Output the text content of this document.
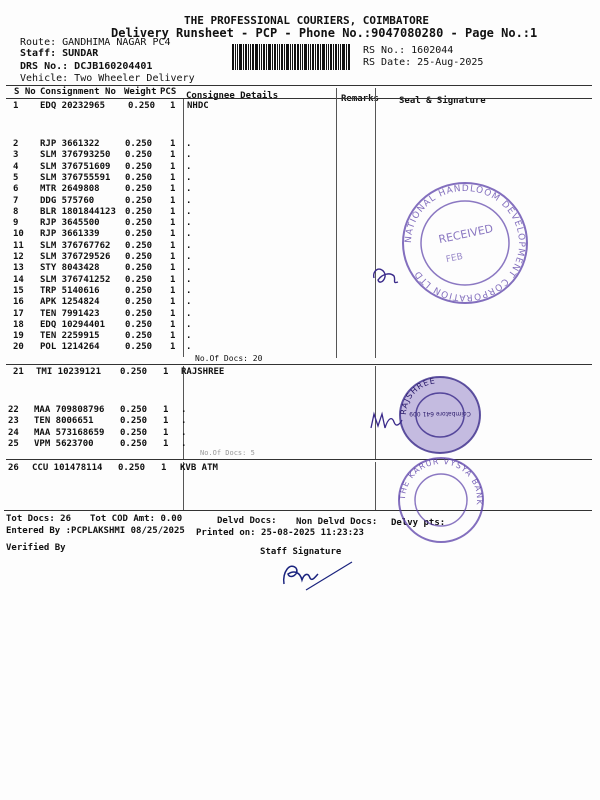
THE PROFESSIONAL COURIERS, COIMBATORE
Delivery Runsheet - PCP - Phone No.:9047080280 - Page No.:1
Route: GANDHIMA NAGAR PC4
Staff: SUNDAR
DRS No.: DCJB160204401
Vehicle: Two Wheeler Delivery
RS No.: 1602044
RS Date: 25-Aug-2025
S No Consignment No Weight PCS Consignee Details	Remarks Seal & Signature
1 EDQ 20232965	0.250 1 NHDC
2 RJP 3661322	0.250 1 .
3 SLM 376793250 0.250 1 .
4 SLM 376751609 0.250 1 .
5 SLM 376755591 0.250 1 .
6 MTR 2649808	0.250 1 .
7 DDG 575760	0.250 1 .
8 BLR 1801844123 0.250 1 .
9 RJP 3645500	0.250 1 .
10 RJP 3661339	0.250 1 .
11 SLM 376767762 0.250 1 .
12 SLM 376729526 0.250 1 .
13 STY 8043428	0.250 1 .
14 SLM 376741252 0.250 1 .
15 TRP 5140616	0.250 1 .
16 APK 1254824	0.250 1 .
17 TEN 7991423	0.250 1 .
18 EDQ 10294401 0.250 1 .
19 TEN 2259915	0.250 1 .
20 POL 1214264	0.250 1 .
No.Of Docs: 20
21 TMI 10239121 0.250 1 RAJSHREE
22 MAA 709808796 0.250 1 .
23 TEN 8006651	0.250 1 .
24 MAA 573168659 0.250 1 .
25 VPM 5623700	0.250 1 .
No.Of Docs: 5
26 CCU 101478114 0.250 1 KVB ATM
Tot Docs: 26 Tot COD Amt: 0.00	Delvd Docs: Non Delvd Docs: Delvy pts:
Entered By :PCPLAKSHMI 08/25/2025 Printed on: 25-08-2025 11:23:23
Verified By	Staff Signature
NATIONAL HANDLOOM DEVELOPMENT CORPORATION LTD
RECEIVED
FEB
RAJSHREE
Coimbatore 641 009
THE KARUR VYSYA BANK
